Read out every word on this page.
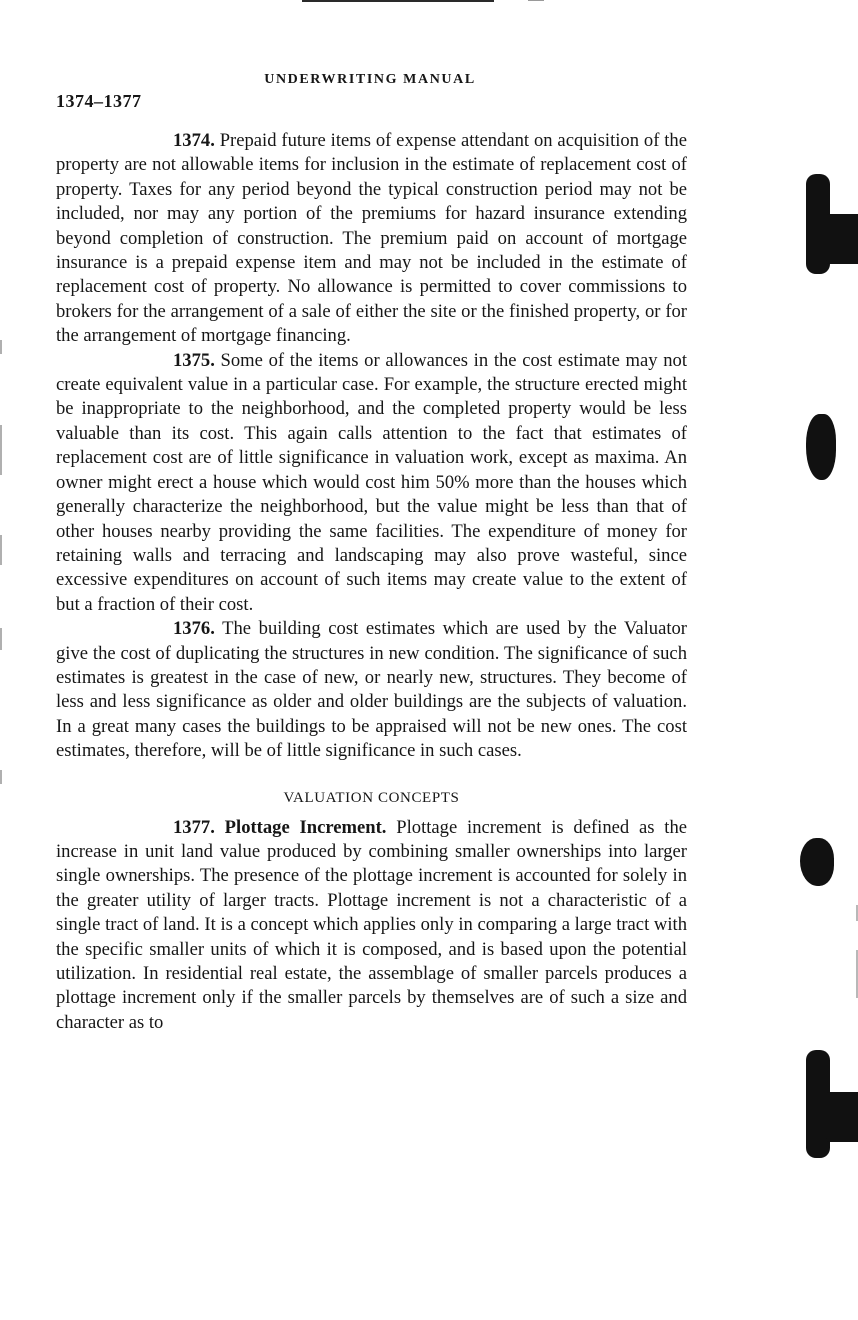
UNDERWRITING MANUAL
1374–1377

1374. Prepaid future items of expense attendant on acquisition of the property are not allowable items for inclusion in the estimate of replacement cost of property. Taxes for any period beyond the typical construction period may not be included, nor may any portion of the premiums for hazard insurance extending beyond completion of construction. The premium paid on account of mortgage insurance is a prepaid expense item and may not be included in the estimate of replacement cost of property. No allowance is permitted to cover commissions to brokers for the arrangement of a sale of either the site or the finished property, or for the arrangement of mortgage financing.

1375. Some of the items or allowances in the cost estimate may not create equivalent value in a particular case. For example, the structure erected might be inappropriate to the neighborhood, and the completed property would be less valuable than its cost. This again calls attention to the fact that estimates of replacement cost are of little significance in valuation work, except as maxima. An owner might erect a house which would cost him 50% more than the houses which generally characterize the neighborhood, but the value might be less than that of other houses nearby providing the same facilities. The expenditure of money for retaining walls and terracing and landscaping may also prove wasteful, since excessive expenditures on account of such items may create value to the extent of but a fraction of their cost.

1376. The building cost estimates which are used by the Valuator give the cost of duplicating the structures in new condition. The significance of such estimates is greatest in the case of new, or nearly new, structures. They become of less and less significance as older and older buildings are the subjects of valuation. In a great many cases the buildings to be appraised will not be new ones. The cost estimates, therefore, will be of little significance in such cases.

VALUATION CONCEPTS

1377. Plottage Increment. Plottage increment is defined as the increase in unit land value produced by combining smaller ownerships into larger single ownerships. The presence of the plottage increment is accounted for solely in the greater utility of larger tracts. Plottage increment is not a characteristic of a single tract of land. It is a concept which applies only in comparing a large tract with the specific smaller units of which it is composed, and is based upon the potential utilization. In residential real estate, the assemblage of smaller parcels produces a plottage increment only if the smaller parcels by themselves are of such a size and character as to
